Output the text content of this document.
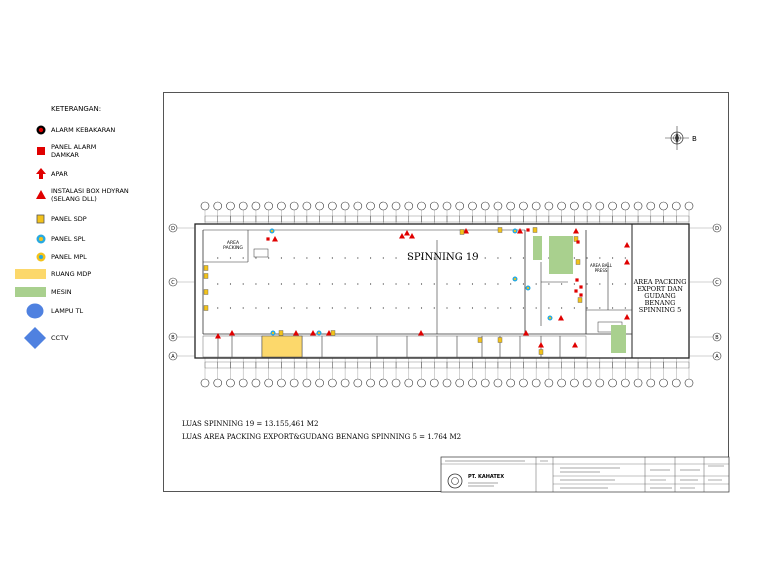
KETERANGAN:
ALARM KEBAKARAN
PANEL ALARM
DAMKAR
APAR
INSTALASI BOX HDYRAN
(SELANG DLL)
PANEL SDP
PANEL SPL
PANEL MPL
RUANG MDP
MESIN
LAMPU TL
CCTV
D	D
C	C
B	B
A	A
B
SPINNING 19
AREA PACKING
AREA BALL PRESS
AREA PACKING EXPORT DAN GUDANG BENANG SPINNING 5
LUAS SPINNING 19 = 13.155,461 M2
LUAS AREA PACKING EXPORT&GUDANG BENANG SPINNING 5 = 1.764 M2
PT. KAHATEX
